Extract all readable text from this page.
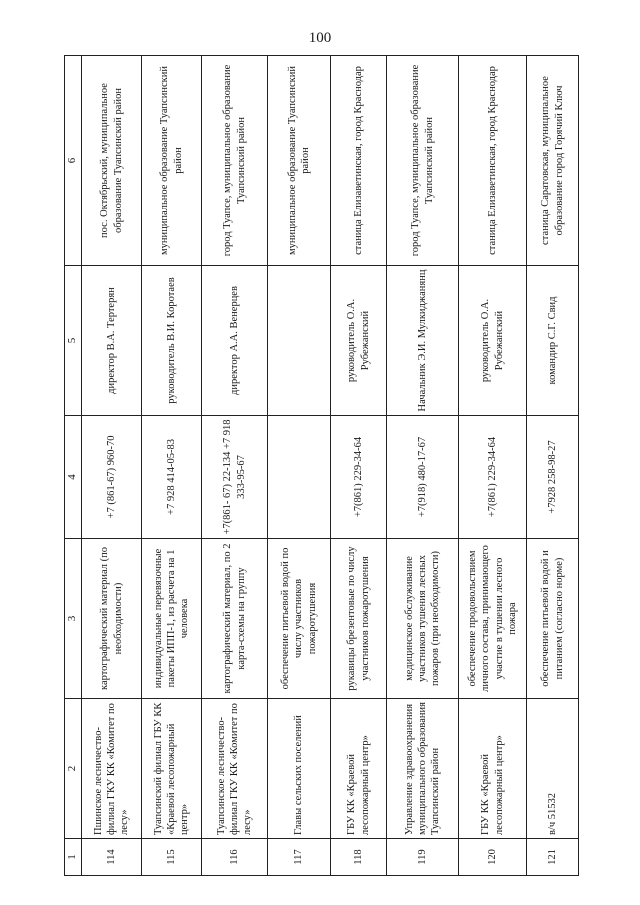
100
1	2	3	4	5	6
114	Пшинское лесничество-филиал ГКУ КК «Комитет по лесу»	картографический материал (по необходимости)	+7 (861-67) 960-70	директор В.А. Тертерян	пос. Октябрьский, муниципальное образование Туапсинский район
115	Туапсинский филиал ГБУ КК «Краевой лесопожарный центр»	индивидуальные перевязочные пакеты ИПП-1, из расчета на 1 человека	+7 928 414-05-83	руководитель В.И. Коротаев	муниципальное образование Туапсинский район
116	Туапсинское лесничество-филиал ГКУ КК «Комитет по лесу»	картографический материал, по 2 карта-схемы на группу	+7(861- 67) 22-134 +7 918 333-95-67	директор А.А. Венерцев	город Туапсе, муниципальное образование Туапсинский район
117	Главы сельских поселений	обеспечение питьевой водой по числу участников пожаротушения			муниципальное образование Туапсинский район
118	ГБУ КК «Краевой лесопожарный центр»	рукавицы брезентовые по числу участников пожаротушения	+7(861) 229-34-64	руководитель О.А. Рубежанский	станица Елизаветинская, город Краснодар
119	Управление здравоохранения муниципального образования Туапсинский район	медицинское обслуживание участников тушения лесных пожаров (при необходимости)	+7(918) 480-17-67	Начальник Э.И. Мулкиджанянц	город Туапсе, муниципальное образование Туапсинский район
120	ГБУ КК «Краевой лесопожарный центр»	обеспечение продовольствием личного состава, принимающего участие в тушении лесного пожара	+7(861) 229-34-64	руководитель О.А. Рубежанский	станица Елизаветинская, город Краснодар
121	в/ч 51532	обеспечение питьевой водой и питанием (согласно норме)	+7928 258-98-27	командир С.Г. Свид	станица Саратовская, муниципальное образование город Горячий Ключ
